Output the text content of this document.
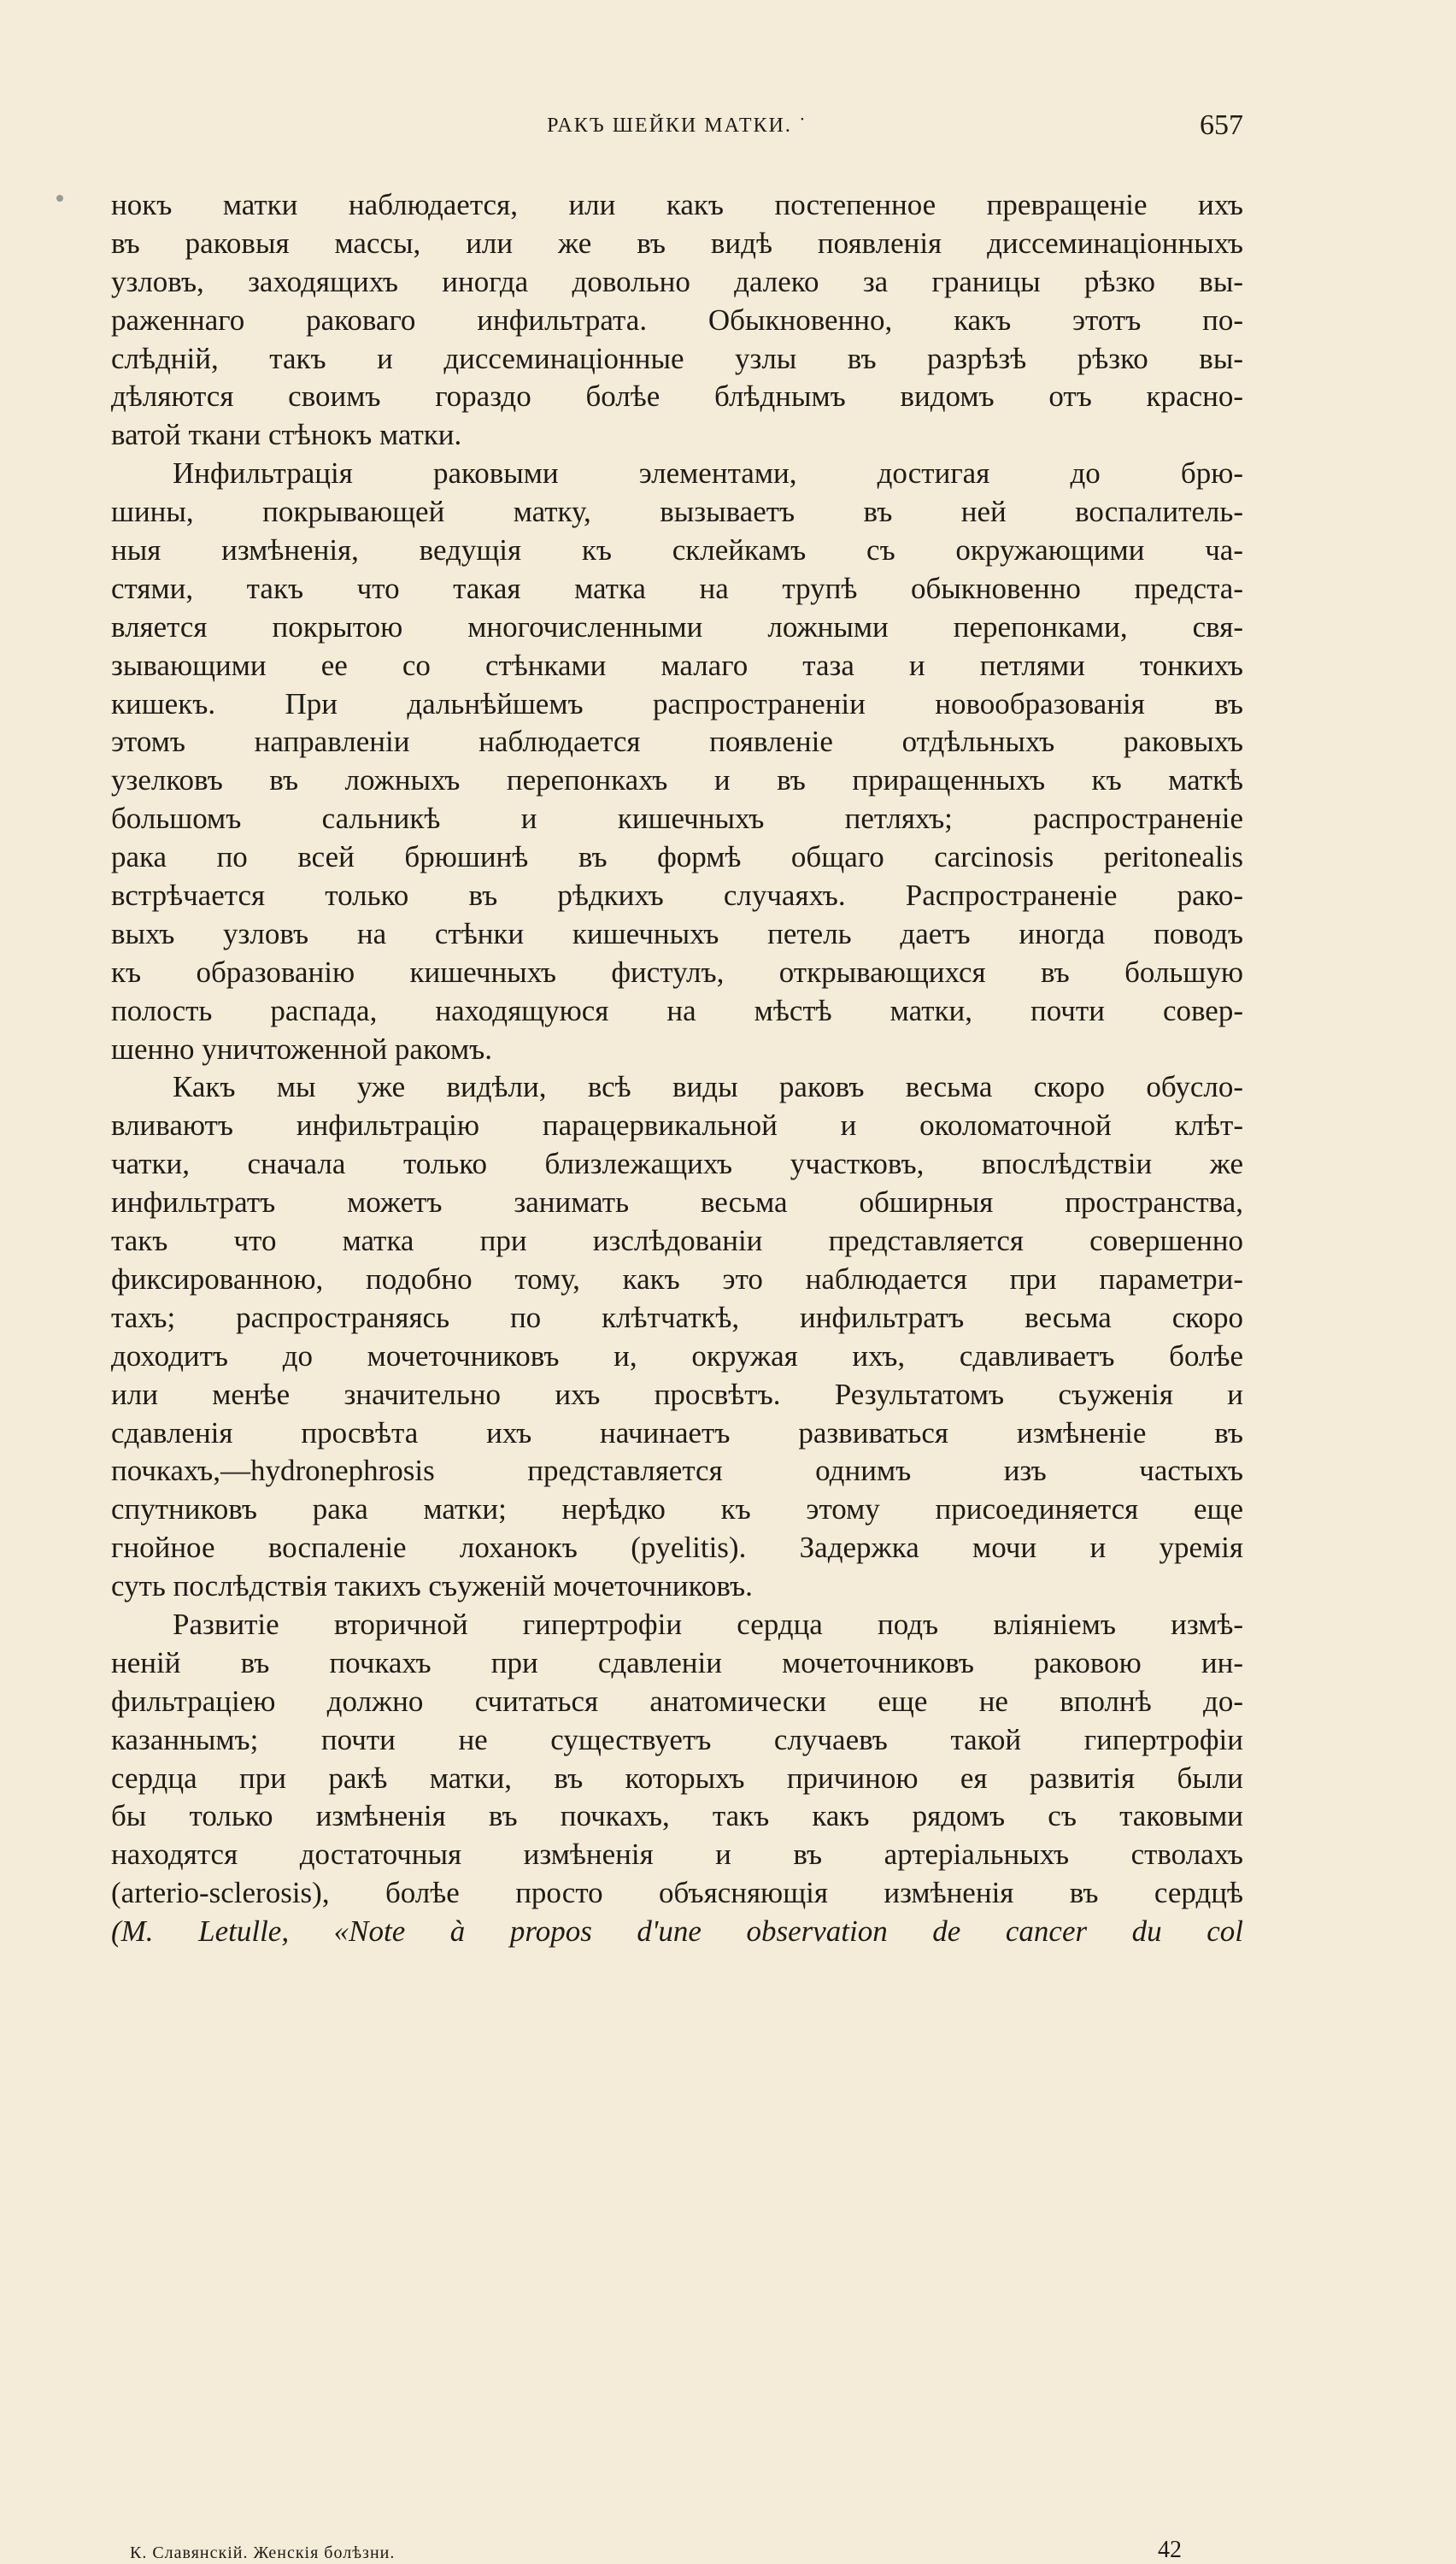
РАКЪ ШЕЙКИ МАТКИ. ˙	657
нокъ матки наблюдается, или какъ постепенное превращеніе ихъ
въ раковыя массы, или же въ видѣ появленія диссеминаціонныхъ
узловъ, заходящихъ иногда довольно далеко за границы рѣзко вы-
раженнаго раковаго инфильтрата. Обыкновенно, какъ этотъ по-
слѣдній, такъ и диссеминаціонные узлы въ разрѣзѣ рѣзко вы-
дѣляются своимъ гораздо болѣе блѣднымъ видомъ отъ красно-
ватой ткани стѣнокъ матки.
Инфильтрація раковыми элементами, достигая до брю-
шины, покрывающей матку, вызываетъ въ ней воспалитель-
ныя измѣненія, ведущія къ склейкамъ съ окружающими ча-
стями, такъ что такая матка на трупѣ обыкновенно предста-
вляется покрытою многочисленными ложными перепонками, свя-
зывающими ее со стѣнками малаго таза и петлями тонкихъ
кишекъ. При дальнѣйшемъ распространеніи новообразованія въ
этомъ направленіи наблюдается появленіе отдѣльныхъ раковыхъ
узелковъ въ ложныхъ перепонкахъ и въ приращенныхъ къ маткѣ
большомъ сальникѣ и кишечныхъ петляхъ; распространеніе
рака по всей брюшинѣ въ формѣ общаго carcinosis peritonealis
встрѣчается только въ рѣдкихъ случаяхъ. Распространеніе рако-
выхъ узловъ на стѣнки кишечныхъ петель даетъ иногда поводъ
къ образованію кишечныхъ фистулъ, открывающихся въ большую
полость распада, находящуюся на мѣстѣ матки, почти совер-
шенно уничтоженной ракомъ.
Какъ мы уже видѣли, всѣ виды раковъ весьма скоро обусло-
вливаютъ инфильтрацію парацервикальной и околоматочной клѣт-
чатки, сначала только близлежащихъ участковъ, впослѣдствіи же
инфильтратъ можетъ занимать весьма обширныя пространства,
такъ что матка при изслѣдованіи представляется совершенно
фиксированною, подобно тому, какъ это наблюдается при параметри-
тахъ; распространяясь по клѣтчаткѣ, инфильтратъ весьма скоро
доходитъ до мочеточниковъ и, окружая ихъ, сдавливаетъ болѣе
или менѣе значительно ихъ просвѣтъ. Результатомъ съуженія и
сдавленія просвѣта ихъ начинаетъ развиваться измѣненіе въ
почкахъ,—hydronephrosis представляется однимъ изъ частыхъ
спутниковъ рака матки; нерѣдко къ этому присоединяется еще
гнойное воспаленіе лоханокъ (pyelitis). Задержка мочи и уремія
суть послѣдствія такихъ съуженій мочеточниковъ.
Развитіе вторичной гипертрофіи сердца подъ вліяніемъ измѣ-
неній въ почкахъ при сдавленіи мочеточниковъ раковою ин-
фильтраціею должно считаться анатомически еще не вполнѣ до-
казаннымъ; почти не существуетъ случаевъ такой гипертрофіи
сердца при ракѣ матки, въ которыхъ причиною ея развитія были
бы только измѣненія въ почкахъ, такъ какъ рядомъ съ таковыми
находятся достаточныя измѣненія и въ артеріальныхъ стволахъ
(arterio-sclerosis), болѣе просто объясняющія измѣненія въ сердцѣ
(M. Letulle, «Note à propos d'une observation de cancer du col
К. Славянскій. Женскія болѣзни.	42
